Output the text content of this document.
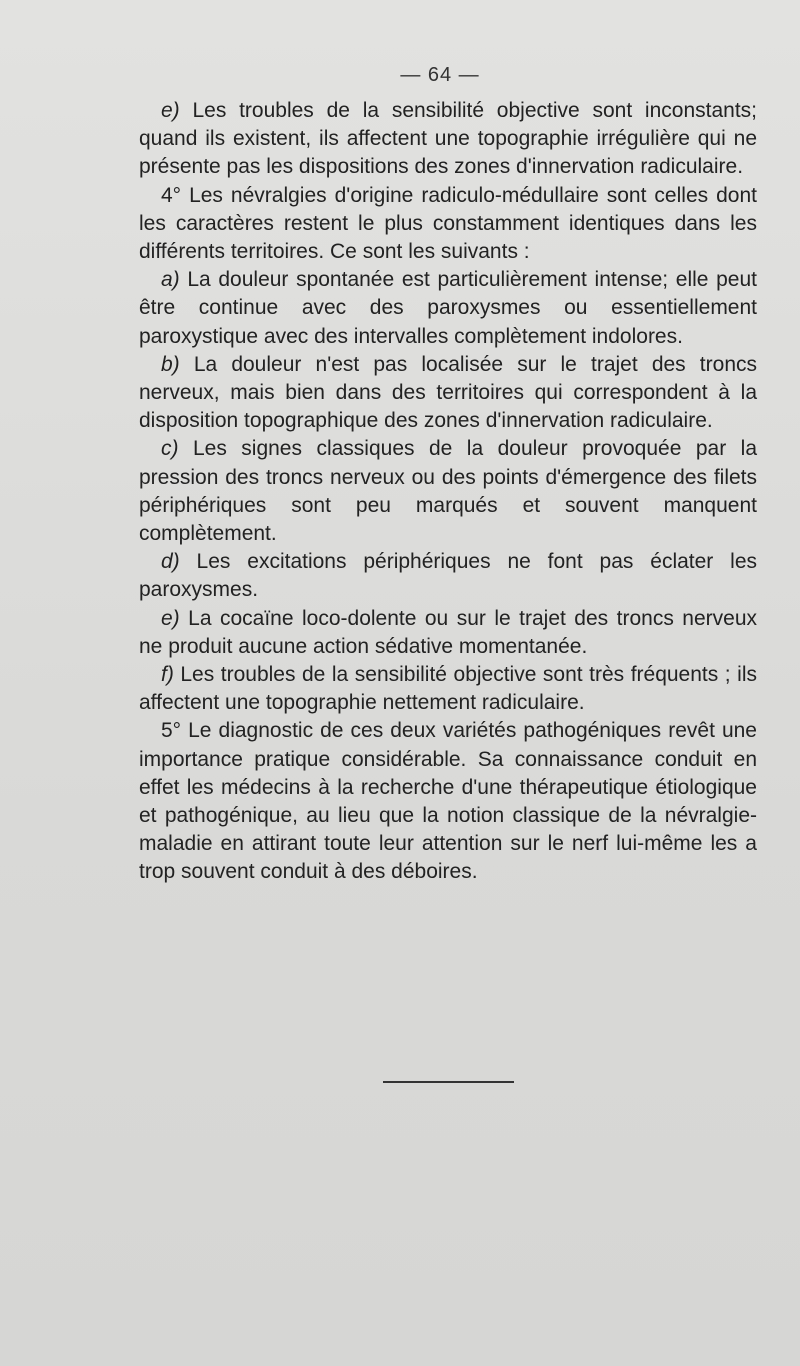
— 64 —

e) Les troubles de la sensibilité objective sont inconstants; quand ils existent, ils affectent une topographie irrégulière qui ne présente pas les dispositions des zones d'innervation radiculaire.

4° Les névralgies d'origine radiculo-médullaire sont celles dont les caractères restent le plus constamment identiques dans les différents territoires. Ce sont les suivants :

a) La douleur spontanée est particulièrement intense; elle peut être continue avec des paroxysmes ou essentiellement paroxystique avec des intervalles complètement indolores.

b) La douleur n'est pas localisée sur le trajet des troncs nerveux, mais bien dans des territoires qui correspondent à la disposition topographique des zones d'innervation radiculaire.

c) Les signes classiques de la douleur provoquée par la pression des troncs nerveux ou des points d'émergence des filets périphériques sont peu marqués et souvent manquent complètement.

d) Les excitations périphériques ne font pas éclater les paroxysmes.

e) La cocaïne loco-dolente ou sur le trajet des troncs nerveux ne produit aucune action sédative momentanée.

f) Les troubles de la sensibilité objective sont très fréquents ; ils affectent une topographie nettement radiculaire.

5° Le diagnostic de ces deux variétés pathogéniques revêt une importance pratique considérable. Sa connaissance conduit en effet les médecins à la recherche d'une thérapeutique étiologique et pathogénique, au lieu que la notion classique de la névralgie-maladie en attirant toute leur attention sur le nerf lui-même les a trop souvent conduit à des déboires.
